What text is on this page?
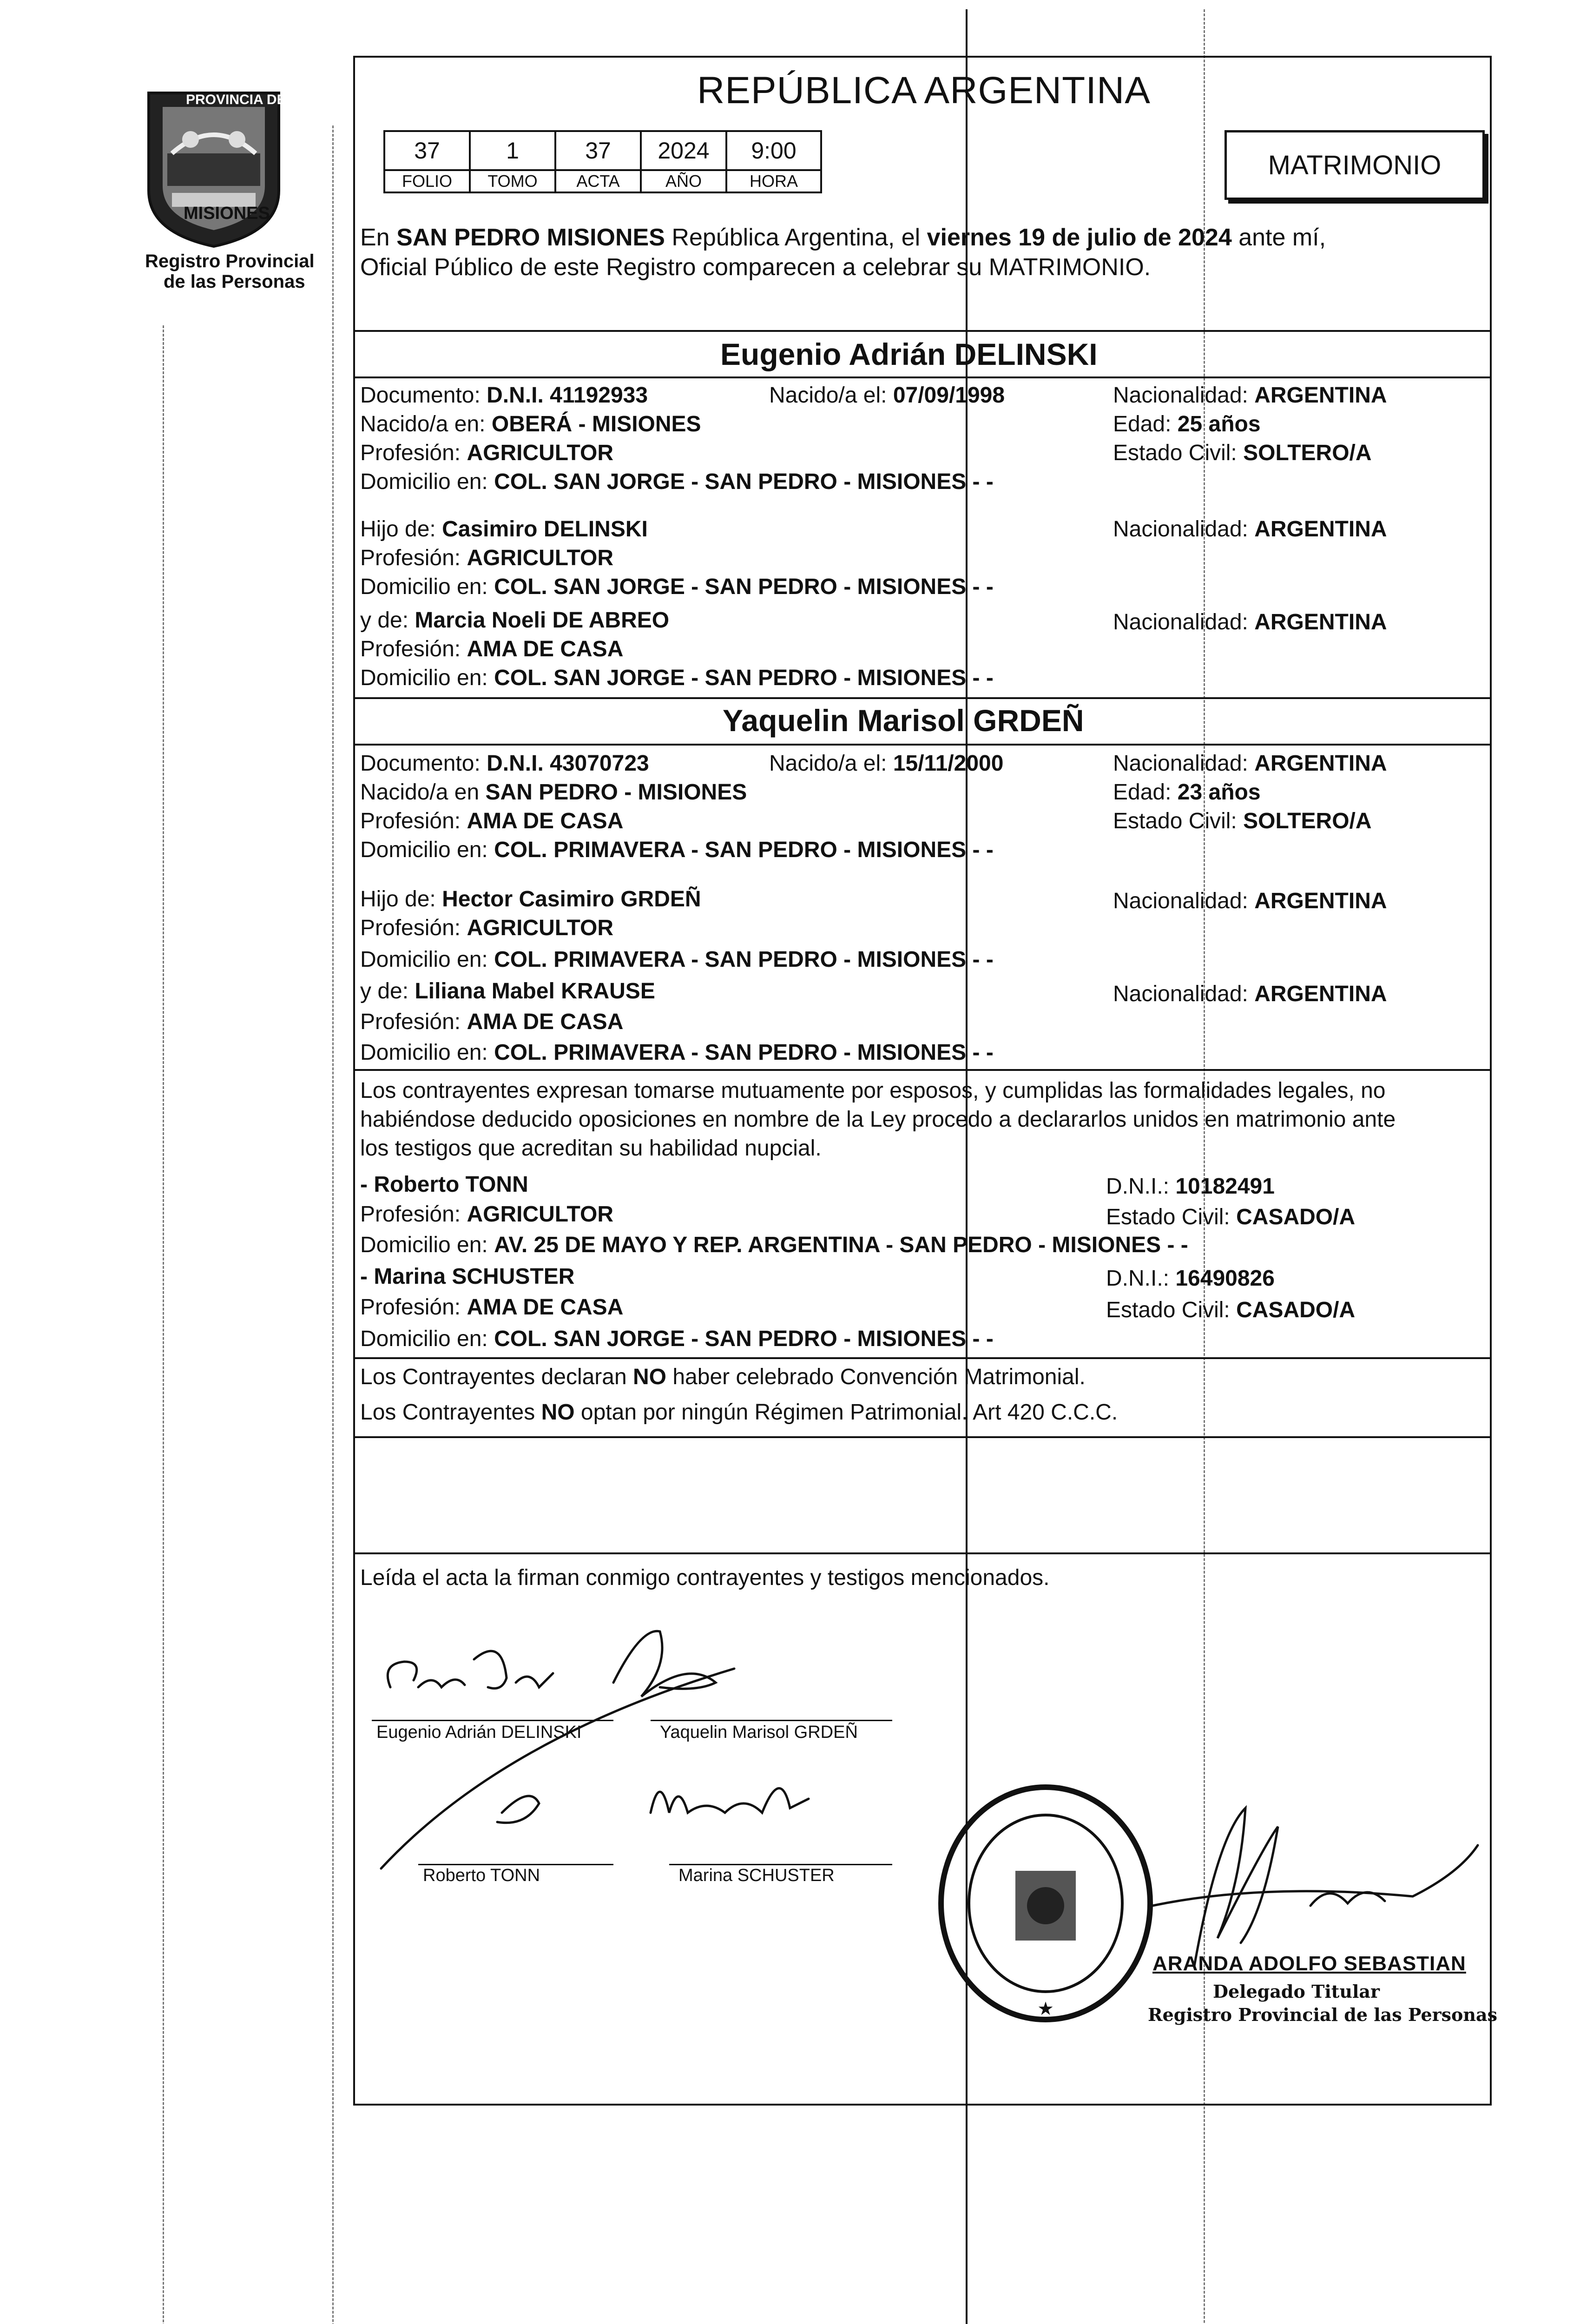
PROVINCIA DE
MISIONES
Registro Provincial
de las Personas
REPÚBLICA ARGENTINA
37	1	37	2024	9:00
FOLIO	TOMO	ACTA	AÑO	HORA
MATRIMONIO
En SAN PEDRO MISIONES República Argentina, el viernes 19 de julio de 2024 ante mí,
Oficial Público de este Registro comparecen a celebrar su MATRIMONIO.
Eugenio Adrián DELINSKI
Documento: D.N.I. 41192933	Nacido/a el: 07/09/1998	Nacionalidad: ARGENTINA
Nacido/a en: OBERÁ - MISIONES	Edad: 25 años
Profesión: AGRICULTOR	Estado Civil: SOLTERO/A
Domicilio en: COL. SAN JORGE - SAN PEDRO - MISIONES - -
Hijo de: Casimiro DELINSKI	Nacionalidad: ARGENTINA
Profesión: AGRICULTOR
Domicilio en: COL. SAN JORGE - SAN PEDRO - MISIONES - -
y de: Marcia Noeli DE ABREO	Nacionalidad: ARGENTINA
Profesión: AMA DE CASA
Domicilio en: COL. SAN JORGE - SAN PEDRO - MISIONES - -
Yaquelin Marisol GRDEÑ
Documento: D.N.I. 43070723	Nacido/a el: 15/11/2000	Nacionalidad: ARGENTINA
Nacido/a en SAN PEDRO - MISIONES	Edad: 23 años
Profesión: AMA DE CASA	Estado Civil: SOLTERO/A
Domicilio en: COL. PRIMAVERA - SAN PEDRO - MISIONES - -
Hijo de: Hector Casimiro GRDEÑ	Nacionalidad: ARGENTINA
Profesión: AGRICULTOR
Domicilio en: COL. PRIMAVERA - SAN PEDRO - MISIONES - -
y de: Liliana Mabel KRAUSE	Nacionalidad: ARGENTINA
Profesión: AMA DE CASA
Domicilio en: COL. PRIMAVERA - SAN PEDRO - MISIONES - -
Los contrayentes expresan tomarse mutuamente por esposos, y cumplidas las formalidades legales, no
habiéndose deducido oposiciones en nombre de la Ley procedo a declararlos unidos en matrimonio ante
los testigos que acreditan su habilidad nupcial.
- Roberto TONN	D.N.I.: 10182491
Profesión: AGRICULTOR	Estado Civil: CASADO/A
Domicilio en: AV. 25 DE MAYO Y REP. ARGENTINA - SAN PEDRO - MISIONES - -
- Marina SCHUSTER	D.N.I.: 16490826
Profesión: AMA DE CASA	Estado Civil: CASADO/A
Domicilio en: COL. SAN JORGE - SAN PEDRO - MISIONES - -
Los Contrayentes declaran NO haber celebrado Convención Matrimonial.
Los Contrayentes NO optan por ningún Régimen Patrimonial. Art 420 C.C.C.
Leída el acta la firman conmigo contrayentes y testigos mencionados.
Eugenio Adrián DELINSKI	Yaquelin Marisol GRDEÑ
Roberto TONN	Marina SCHUSTER
★
ARANDA ADOLFO SEBASTIAN
Delegado Titular
Registro Provincial de las Personas
